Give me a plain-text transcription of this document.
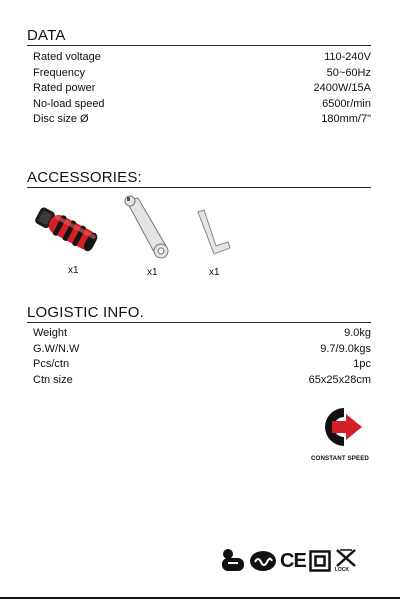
DATA
Rated voltage	110-240V
Frequency	50~60Hz
Rated power	2400W/15A
No-load speed	6500r/min
Disc size Ø	180mm/7"
ACCESSORIES:
x1	x1	x1
LOGISTIC INFO.
Weight	9.0kg
G.W/N.W	9.7/9.0kgs
Pcs/ctn	1pc
Ctn size	65x25x28cm
CONSTANT SPEED
CE	LOCK
